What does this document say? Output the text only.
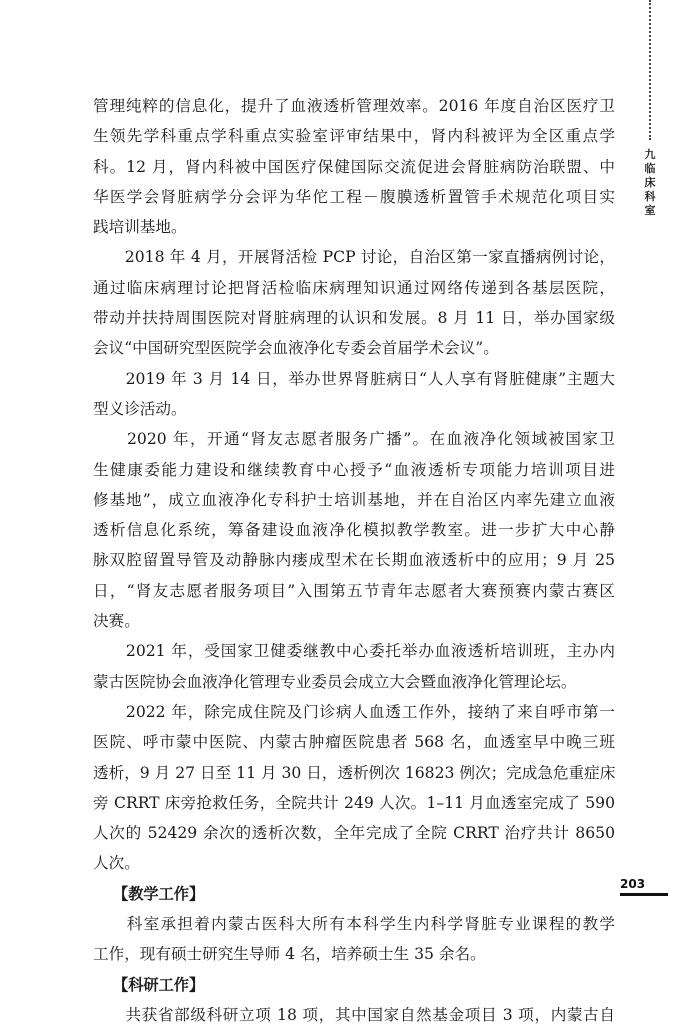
九
临
床
科
室
管理纯粹的信息化，提升了血液透析管理效率。2016 年度自治区医疗卫
生领先学科重点学科重点实验室评审结果中，肾内科被评为全区重点学
科。12 月，肾内科被中国医疗保健国际交流促进会肾脏病防治联盟、中
华医学会肾脏病学分会评为华佗工程－腹膜透析置管手术规范化项目实
践培训基地。
　　2018 年 4 月，开展肾活检 PCP 讨论，自治区第一家直播病例讨论，
通过临床病理讨论把肾活检临床病理知识通过网络传递到各基层医院，
带动并扶持周围医院对肾脏病理的认识和发展。8 月 11 日，举办国家级
会议“中国研究型医院学会血液净化专委会首届学术会议”。
　　2019 年 3 月 14 日，举办世界肾脏病日“人人享有肾脏健康”主题大
型义诊活动。
　　2020 年，开通“肾友志愿者服务广播”。在血液净化领域被国家卫
生健康委能力建设和继续教育中心授予“血液透析专项能力培训项目进
修基地”，成立血液净化专科护士培训基地，并在自治区内率先建立血液
透析信息化系统，筹备建设血液净化模拟教学教室。进一步扩大中心静
脉双腔留置导管及动静脉内瘘成型术在长期血液透析中的应用；9 月 25
日，“肾友志愿者服务项目”入围第五节青年志愿者大赛预赛内蒙古赛区
决赛。
　　2021 年，受国家卫健委继教中心委托举办血液透析培训班，主办内
蒙古医院协会血液净化管理专业委员会成立大会暨血液净化管理论坛。
　　2022 年，除完成住院及门诊病人血透工作外，接纳了来自呼市第一
医院、呼市蒙中医院、内蒙古肿瘤医院患者 568 名，血透室早中晚三班
透析，9 月 27 日至 11 月 30 日，透析例次 16823 例次；完成急危重症床
旁 CRRT 床旁抢救任务，全院共计 249 人次。1–11 月血透室完成了 590
人次的 52429 余次的透析次数，全年完成了全院 CRRT 治疗共计 8650
人次。
【教学工作】
　　科室承担着内蒙古医科大所有本科学生内科学肾脏专业课程的教学
工作，现有硕士研究生导师 4 名，培养硕士生 35 余名。
【科研工作】
　　共获省部级科研立项 18 项，其中国家自然基金项目 3 项，内蒙古自
203
